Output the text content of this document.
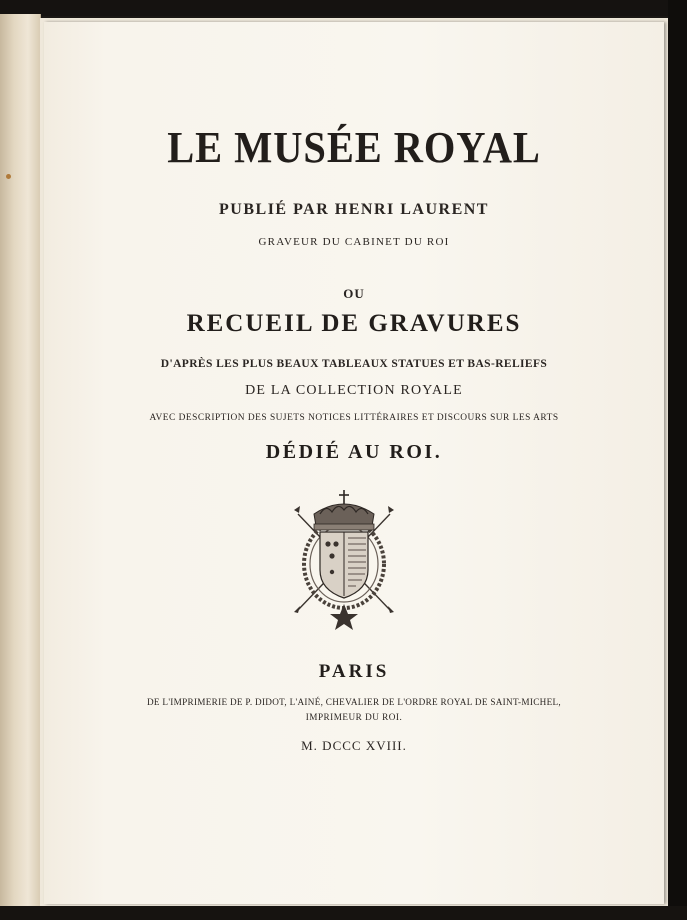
LE MUSÉE ROYAL
PUBLIÉ PAR HENRI LAURENT
GRAVEUR DU CABINET DU ROI
OU
RECUEIL DE GRAVURES
D'APRÈS LES PLUS BEAUX TABLEAUX STATUES ET BAS-RELIEFS
DE LA COLLECTION ROYALE
AVEC DESCRIPTION DES SUJETS NOTICES LITTÉRAIRES ET DISCOURS SUR LES ARTS
DÉDIÉ AU ROI.
PARIS
DE L'IMPRIMERIE DE P. DIDOT, L'AINÉ, CHEVALIER DE L'ORDRE ROYAL DE SAINT-MICHEL,
IMPRIMEUR DU ROI.
M. DCCC XVIII.
